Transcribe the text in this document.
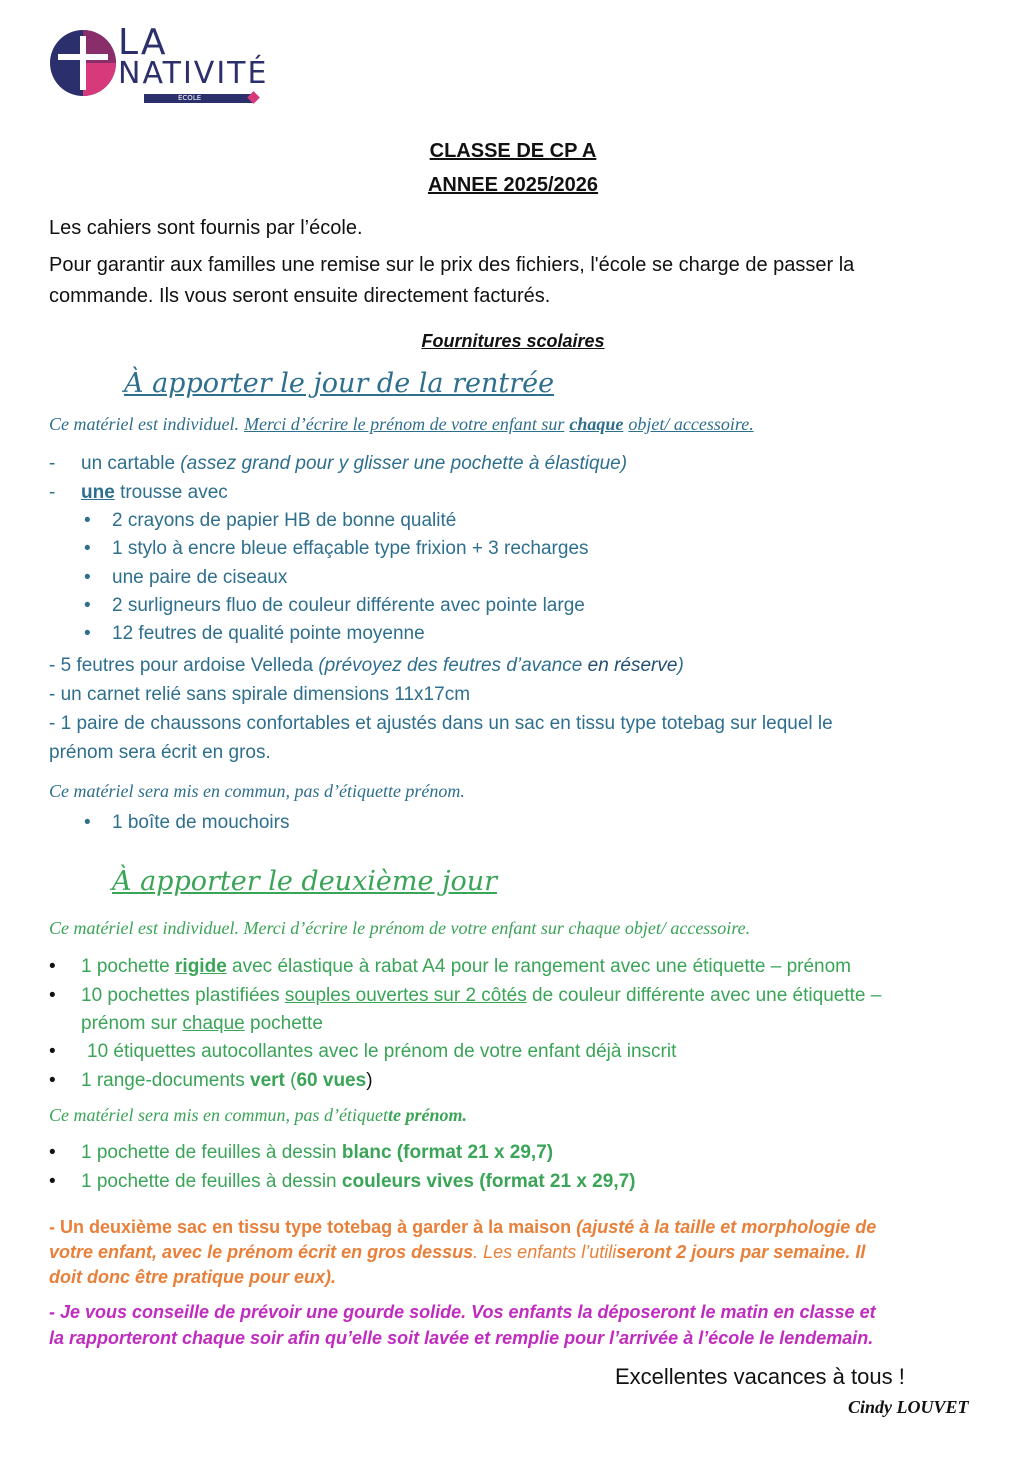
LA
NATIVITÉ
ÉCOLE
CLASSE DE CP A
ANNEE 2025/2026
Les cahiers sont fournis par l’école.
Pour garantir aux familles une remise sur le prix des fichiers, l'école se charge de passer la
commande. Ils vous seront ensuite directement facturés.
Fournitures scolaires
À apporter le jour de la rentrée
Ce matériel est individuel. Merci d’écrire le prénom de votre enfant sur chaque objet/ accessoire.
- un cartable (assez grand pour y glisser une pochette à élastique)
- une trousse avec
• 2 crayons de papier HB de bonne qualité
• 1 stylo à encre bleue effaçable type frixion + 3 recharges
• une paire de ciseaux
• 2 surligneurs fluo de couleur différente avec pointe large
• 12 feutres de qualité pointe moyenne
- 5 feutres pour ardoise Velleda (prévoyez des feutres d’avance en réserve)
- un carnet relié sans spirale dimensions 11x17cm
- 1 paire de chaussons confortables et ajustés dans un sac en tissu type totebag sur lequel le
prénom sera écrit en gros.
Ce matériel sera mis en commun, pas d’étiquette prénom.
• 1 boîte de mouchoirs
À apporter le deuxième jour
Ce matériel est individuel. Merci d’écrire le prénom de votre enfant sur chaque objet/ accessoire.
• 1 pochette rigide avec élastique à rabat A4 pour le rangement avec une étiquette – prénom
• 10 pochettes plastifiées souples ouvertes sur 2 côtés de couleur différente avec une étiquette –
prénom sur chaque pochette
• 10 étiquettes autocollantes avec le prénom de votre enfant déjà inscrit
• 1 range-documents vert (60 vues)
Ce matériel sera mis en commun, pas d’étiquette prénom.
• 1 pochette de feuilles à dessin blanc (format 21 x 29,7)
• 1 pochette de feuilles à dessin couleurs vives (format 21 x 29,7)
- Un deuxième sac en tissu type totebag à garder à la maison (ajusté à la taille et morphologie de
votre enfant, avec le prénom écrit en gros dessus. Les enfants l’utiliseront 2 jours par semaine. Il
doit donc être pratique pour eux).
- Je vous conseille de prévoir une gourde solide. Vos enfants la déposeront le matin en classe et
la rapporteront chaque soir afin qu’elle soit lavée et remplie pour l’arrivée à l’école le lendemain.
Excellentes vacances à tous !
Cindy LOUVET
